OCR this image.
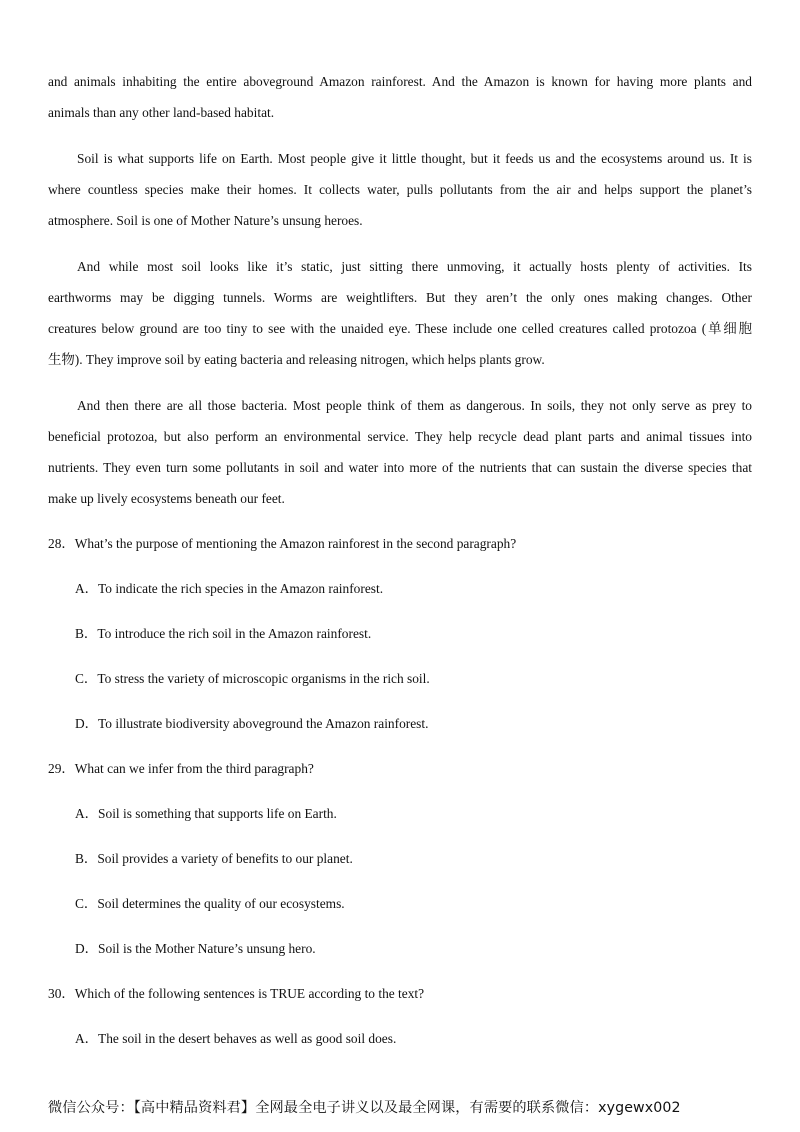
and animals inhabiting the entire aboveground Amazon rainforest. And the Amazon is known for having more plants and
animals than any other land-based habitat.
Soil is what supports life on Earth. Most people give it little thought, but it feeds us and the ecosystems around us. It is
where countless species make their homes. It collects water, pulls pollutants from the air and helps support the planet’s
atmosphere. Soil is one of Mother Nature’s unsung heroes.
And while most soil looks like it’s static, just sitting there unmoving, it actually hosts plenty of activities. Its
earthworms may be digging tunnels. Worms are weightlifters. But they aren’t the only ones making changes. Other
creatures below ground are too tiny to see with the unaided eye. These include one celled creatures called protozoa (单细胞
生物). They improve soil by eating bacteria and releasing nitrogen, which helps plants grow.
And then there are all those bacteria. Most people think of them as dangerous. In soils, they not only serve as prey to
beneficial protozoa, but also perform an environmental service. They help recycle dead plant parts and animal tissues into
nutrients. They even turn some pollutants in soil and water into more of the nutrients that can sustain the diverse species that
make up lively ecosystems beneath our feet.
28．What’s the purpose of mentioning the Amazon rainforest in the second paragraph?
A．To indicate the rich species in the Amazon rainforest.
B．To introduce the rich soil in the Amazon rainforest.
C．To stress the variety of microscopic organisms in the rich soil.
D．To illustrate biodiversity aboveground the Amazon rainforest.
29．What can we infer from the third paragraph?
A．Soil is something that supports life on Earth.
B．Soil provides a variety of benefits to our planet.
C．Soil determines the quality of our ecosystems.
D．Soil is the Mother Nature’s unsung hero.
30．Which of the following sentences is TRUE according to the text?
A．The soil in the desert behaves as well as good soil does.
微信公众号：【高中精品资料君】全网最全电子讲义以及最全网课，有需要的联系微信：xygewx002
